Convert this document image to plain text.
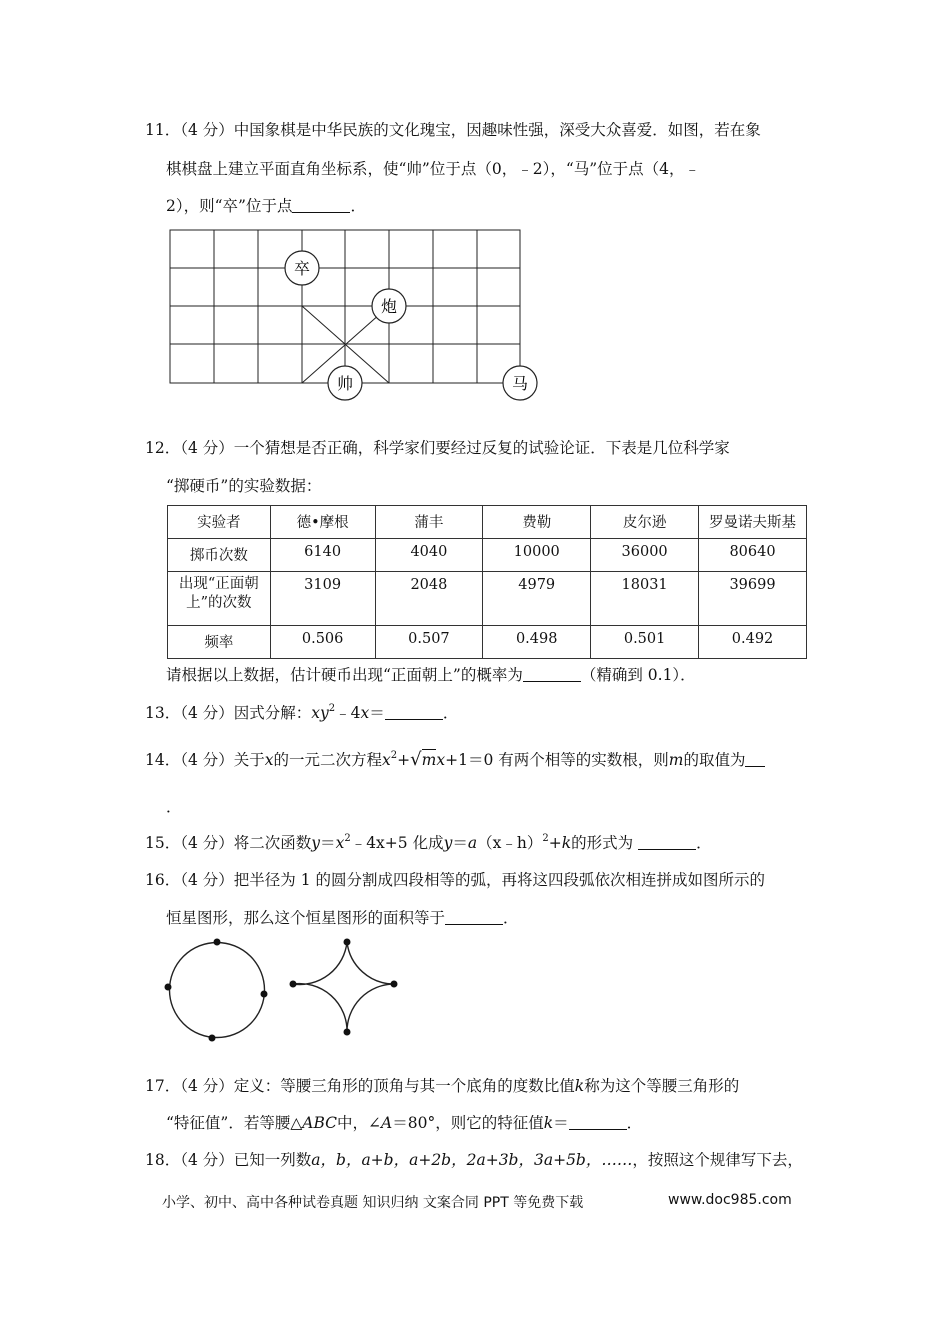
11．（4 分）中国象棋是中华民族的文化瑰宝，因趣味性强，深受大众喜爱．如图，若在象
棋棋盘上建立平面直角坐标系，使“帅”位于点（0，﹣2），“马”位于点（4，﹣
2），则“卒”位于点	．
卒
炮
帅	马
12．（4 分）一个猜想是否正确，科学家们要经过反复的试验论证．下表是几位科学家
“掷硬币”的实验数据：
实验者	德•摩根	蒲丰	费勒	皮尔逊	罗曼诺夫斯基
掷币次数	6140	4040	10000	36000	80640
出现“正面朝上”的次数	3109	2048	4979	18031	39699
频率	0.506	0.507	0.498	0.501	0.492
请根据以上数据，估计硬币出现“正面朝上”的概率为	（精确到 0.1）．
13．（4 分）因式分解：$xy^2﹣4x=$	．
14．（4 分）关于x的一元二次方程$x^2+√mx+1=0$ 有两个相等的实数根，则m的取值为
．
15．（4 分）将二次函数$y=x^2﹣4x+5$ 化成y＝a（x﹣h）$^2$+k的形式为	．
16．（4 分）把半径为 1 的圆分割成四段相等的弧，再将这四段弧依次相连拼成如图所示的
恒星图形，那么这个恒星图形的面积等于	．
17．（4 分）定义：等腰三角形的顶角与其一个底角的度数比值k称为这个等腰三角形的
“特征值”．若等腰△ABC中，∠A＝80°，则它的特征值k＝	．
18．（4 分）已知一列数a，b，a+b，a+2b，2a+3b，3a+5b，……，按照这个规律写下去，
小学、初中、高中各种试卷真题 知识归纳 文案合同 PPT 等免费下载	www.doc985.com
